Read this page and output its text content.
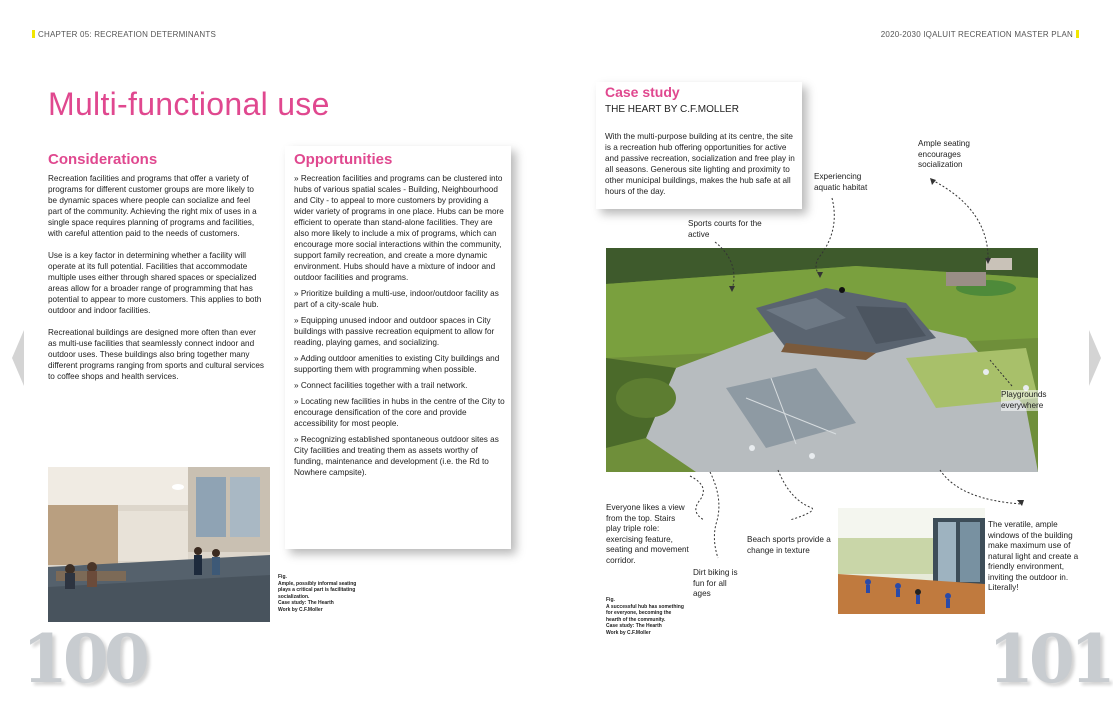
CHAPTER 05: RECREATION DETERMINANTS	2020-2030 IQALUIT RECREATION MASTER PLAN
Multi-functional use
Considerations

Recreation facilities and programs that offer a variety of programs for different customer groups are more likely to be dynamic spaces where people can socialize and feel part of the community. Achieving the right mix of uses in a single space requires planning of programs and facilities, with careful attention paid to the needs of customers.

Use is a key factor in determining whether a facility will operate at its full potential. Facilities that accommodate multiple uses either through shared spaces or specialized areas allow for a broader range of programming that has potential to appear to more customers. This applies to both outdoor and indoor facilities.

Recreational buildings are designed more often than ever as multi-use facilities that seamlessly connect indoor and outdoor uses. These buildings also bring together many different programs ranging from sports and cultural services to coffee shops and health services.

Opportunities

» Recreation facilities and programs can be clustered into hubs of various spatial scales - Building, Neighbourhood and City - to appeal to more customers by providing a wider variety of programs in one place. Hubs can be more efficient to operate than stand-alone facilities. They are also more likely to include a mix of programs, which can encourage more social interactions within the community, support family recreation, and create a more dynamic environment. Hubs should have a mixture of indoor and outdoor facilities and programs.

» Prioritize building a multi-use, indoor/outdoor facility as part of a city-scale hub.

» Equipping unused indoor and outdoor spaces in City buildings with passive recreation equipment to allow for reading, playing games, and socializing.

» Adding outdoor amenities to existing City buildings and supporting them with programming when possible.

» Connect facilities together with a trail network.

» Locating new facilities in hubs in the centre of the City to encourage densification of the core and provide accessibility for most people.

» Recognizing established spontaneous outdoor sites as City facilities and treating them as assets worthy of funding, maintenance and development (i.e. the Rd to Nowhere campsite).

Fig.
Ample, possibly informal seating plays a critical part is facilitating socialization.
Case study: The Hearth
Work by C.F.Moller
100
Case study
THE HEART BY C.F.MOLLER
With the multi-purpose building at its centre, the site is a recreation hub offering opportunities for active and passive recreation, socialization and free play in all seasons. Generous site lighting and proximity to other municipal buildings, makes the hub safe at all hours of the day.
Sports courts for the active
Experiencing aquatic habitat
Ample seating encourages socialization
Playgrounds everywhere
Everyone likes a view from the top. Stairs play triple role: exercising feature, seating and movement corridor.
Dirt biking is fun for all ages
Beach sports provide a change in texture
The veratile, ample windows of the building make maximum use of natural light and create a friendly environment, inviting the outdoor in. Literally!
Fig.
A successful hub has something for everyone, becoming the hearth of the community.
Case study: The Hearth
Work by C.F.Moller	101
